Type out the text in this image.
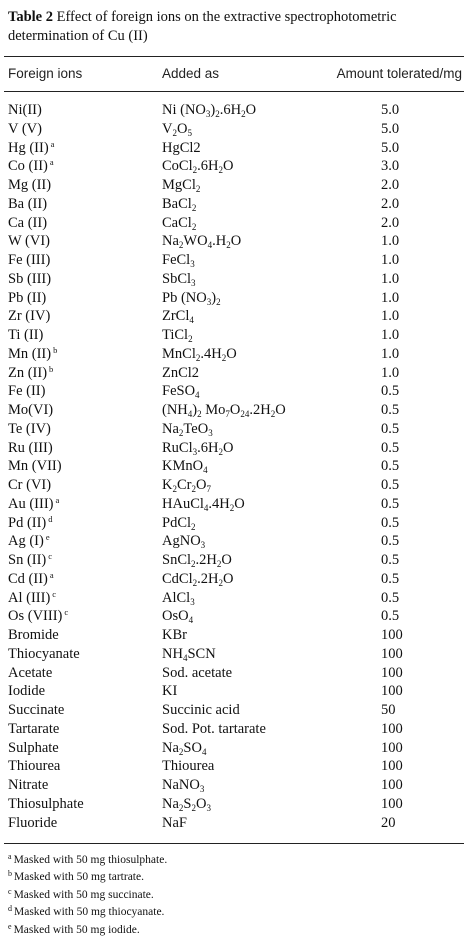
Table 2 Effect of foreign ions on the extractive spectrophotometric determination of Cu (II)
Foreign ions	Added as	Amount tolerated/mg
Ni(II)	Ni $(NO_3)_2.6H_2O$	5.0
V (V)	$V_2O_5$	5.0
Hg (II) $^a$	HgCl2	5.0
Co (II) $^a$	$CoCl_2.6H_2O$	3.0
Mg (II)	MgCl$_2$	2.0
Ba (II)	BaCl$_2$	2.0
Ca (II)	CaCl$_2$	2.0
W (VI)	$Na_2WO_4.H_2O$	1.0
Fe (III)	FeCl$_3$	1.0
Sb (III)	SbCl$_3$	1.0
Pb (II)	Pb $(NO_3)_2$	1.0
Zr (IV)	ZrCl$_4$	1.0
Ti (II)	TiCl$_2$	1.0
Mn (II) $^b$	$MnCl_2.4H_2O$	1.0
Zn (II) $^b$	ZnCl2	1.0
Fe (II)	FeSO$_4$	0.5
Mo(VI)	$(NH_4)_2$ $Mo_7O_{24}.2H_2O$	0.5
Te (IV)	$Na_2TeO_3$	0.5
Ru (III)	$RuCl_3.6H_2O$	0.5
Mn (VII)	KMnO$_4$	0.5
Cr (VI)	$K_2Cr_2O_7$	0.5
Au (III) $^a$	$HAuCl_4.4H_2O$	0.5
Pd (II) $^d$	PdCl$_2$	0.5
Ag (I) $^e$	AgNO$_3$	0.5
Sn (II) $^c$	$SnCl_2.2H_2O$	0.5
Cd (II) $^a$	$CdCl_2.2H_2O$	0.5
Al (III) $^c$	AlCl$_3$	0.5
Os (VIII) $^c$	OsO$_4$	0.5
Bromide	KBr	100
Thiocyanate	$NH_4SCN$	100
Acetate	Sod. acetate	100
Iodide	KI	100
Succinate	Succinic acid	50
Tartarate	Sod. Pot. tartarate	100
Sulphate	$Na_2SO_4$	100
Thiourea	Thiourea	100
Nitrate	NaNO$_3$	100
Thiosulphate	$Na_2S_2O_3$	100
Fluoride	NaF	20
$^a$ Masked with 50 mg thiosulphate.
$^b$ Masked with 50 mg tartrate.
$^c$ Masked with 50 mg succinate.
$^d$ Masked with 50 mg thiocyanate.
$^e$ Masked with 50 mg iodide.
